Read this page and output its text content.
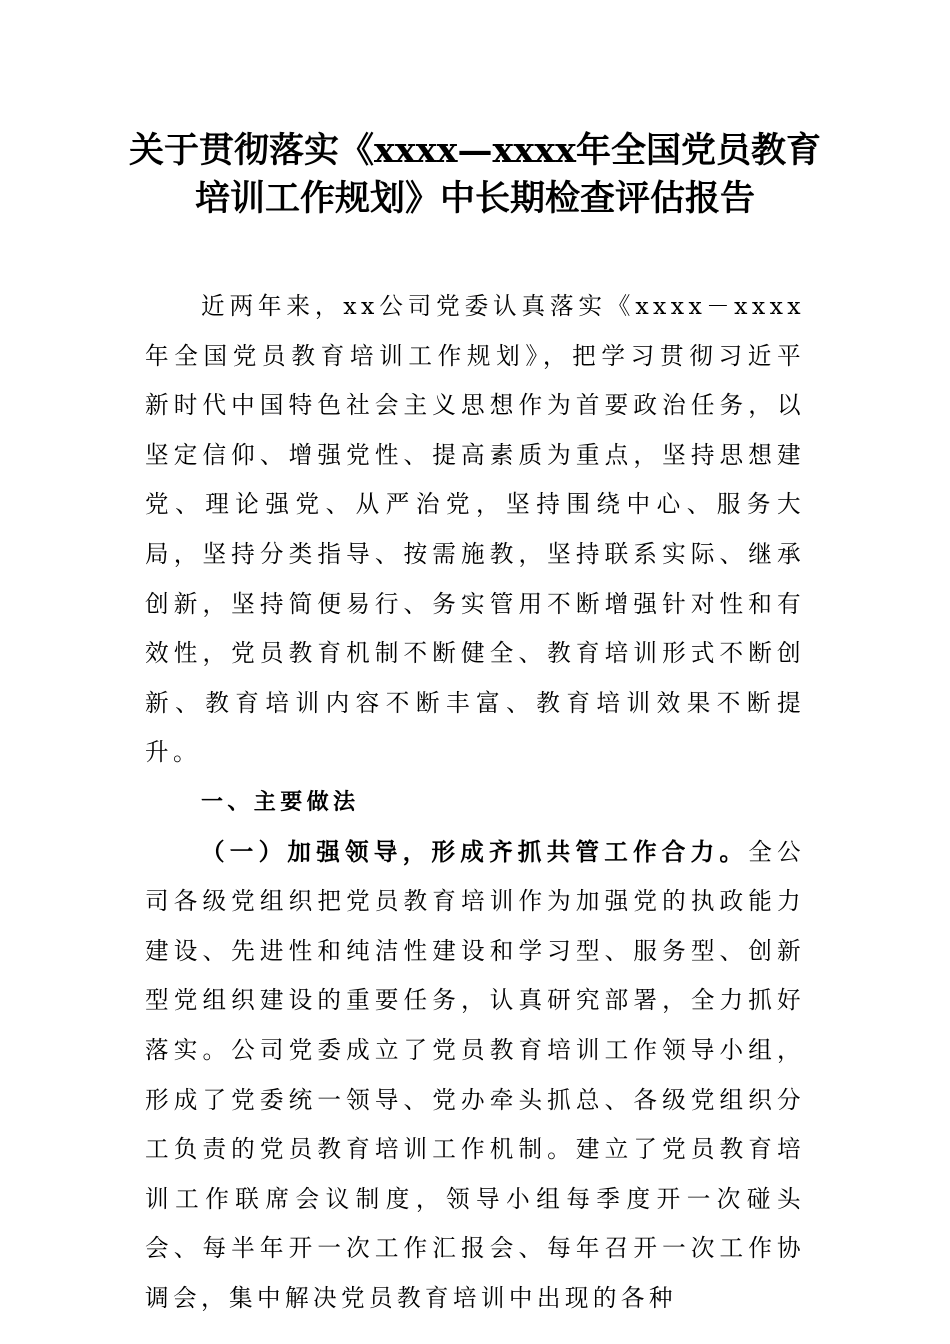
关于贯彻落实《xxxx—xxxx年全国党员教育
培训工作规划》中长期检查评估报告

近两年来，xx公司党委认真落实《xxxx－xxxx年全国党员教育培训工作规划》，把学习贯彻习近平新时代中国特色社会主义思想作为首要政治任务，以坚定信仰、增强党性、提高素质为重点，坚持思想建党、理论强党、从严治党，坚持围绕中心、服务大局，坚持分类指导、按需施教，坚持联系实际、继承创新，坚持简便易行、务实管用不断增强针对性和有效性，党员教育机制不断健全、教育培训形式不断创新、教育培训内容不断丰富、教育培训效果不断提升。

一、主要做法

（一）加强领导，形成齐抓共管工作合力。全公司各级党组织把党员教育培训作为加强党的执政能力建设、先进性和纯洁性建设和学习型、服务型、创新型党组织建设的重要任务，认真研究部署，全力抓好落实。公司党委成立了党员教育培训工作领导小组，形成了党委统一领导、党办牵头抓总、各级党组织分工负责的党员教育培训工作机制。建立了党员教育培训工作联席会议制度，领导小组每季度开一次碰头会、每半年开一次工作汇报会、每年召开一次工作协调会，集中解决党员教育培训中出现的各种
